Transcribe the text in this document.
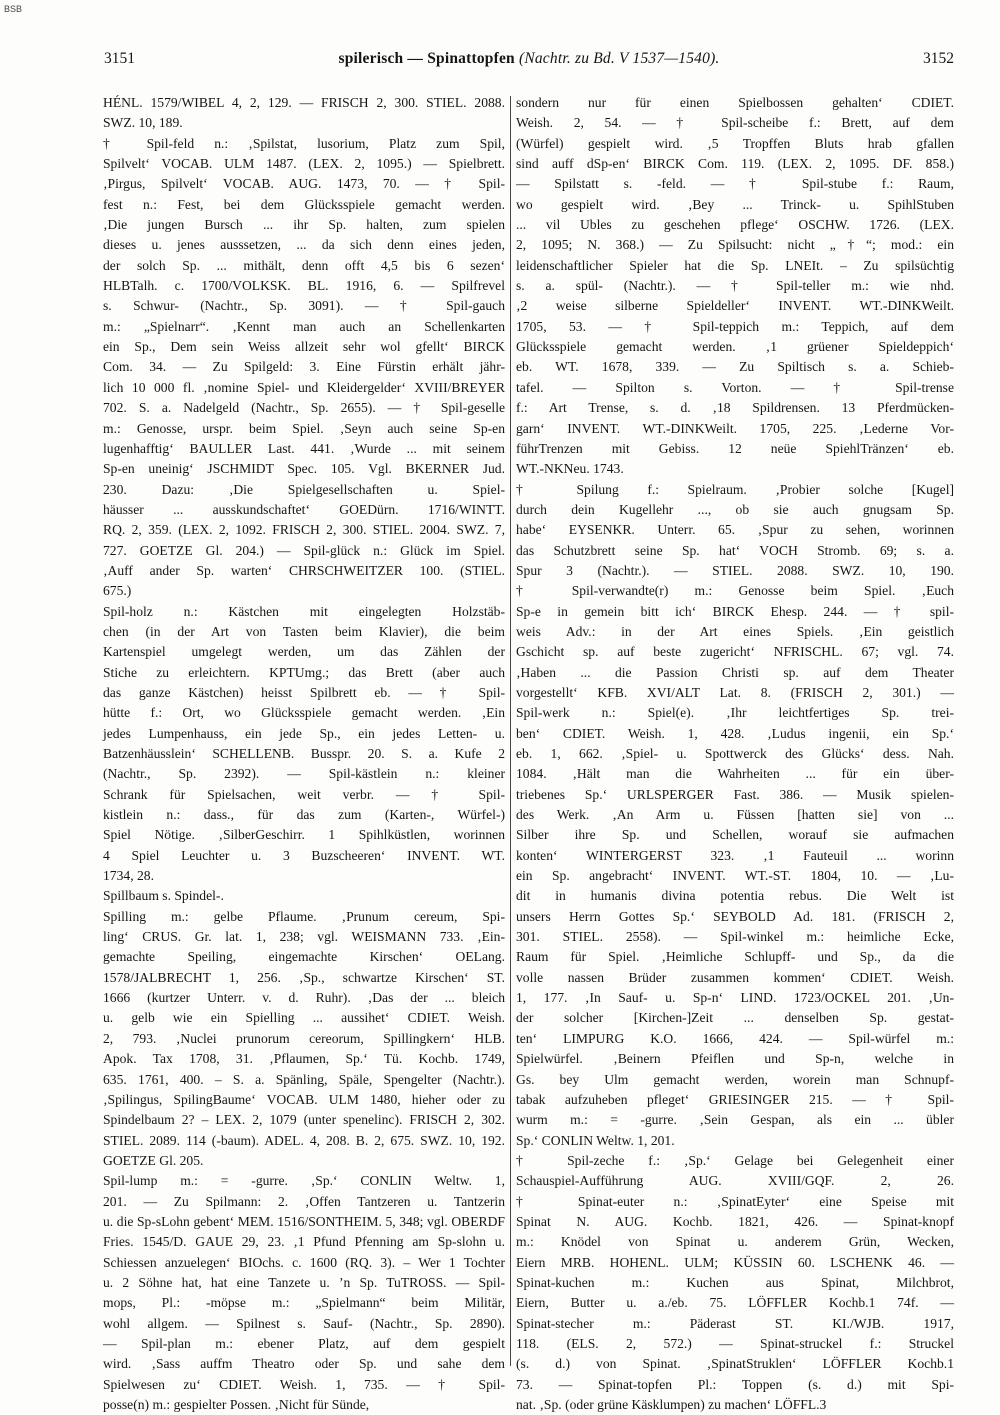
BSB
3151	spilerisch — Spinattopfen (Nachtr. zu Bd. V 1537—1540).	3152
HÉNL. 1579/WIBEL 4, 2, 129. — FRISCH 2, 300. STIEL. 2088.
SWZ. 10, 189.
† Spil-feld n.: ‚Spilstat, lusorium, Platz zum Spil,
Spilvelt‘ VOCAB. ULM 1487. (LEX. 2, 1095.) — Spielbrett.
‚Pirgus, Spilvelt‘ VOCAB. AUG. 1473, 70. — † Spil-
fest n.: Fest, bei dem Glücksspiele gemacht werden.
‚Die jungen Bursch ... ihr Sp. halten, zum spielen
dieses u. jenes ausssetzen, ... da sich denn eines jeden,
der solch Sp. ... mithält, denn offt 4,5 bis 6 sezen‘
HLBTalh. c. 1700/VOLKSK. BL. 1916, 6. — Spilfrevel
s. Schwur- (Nachtr., Sp. 3091). — † Spil-gauch
m.: „Spielnarr“. ‚Kennt man auch an Schellenkarten
ein Sp., Dem sein Weiss allzeit sehr wol gfellt‘ BIRCK
Com. 34. — Zu Spilgeld: 3. Eine Fürstin erhält jähr-
lich 10 000 fl. ‚nomine Spiel- und Kleidergelder‘ XVIII/BREYER
702. S. a. Nadelgeld (Nachtr., Sp. 2655). — † Spil-geselle
m.: Genosse, urspr. beim Spiel. ‚Seyn auch seine Sp-en
lugenhafftig‘ BAULLER Last. 441. ‚Wurde ... mit seinem
Sp-en uneinig‘ JSCHMIDT Spec. 105. Vgl. BKERNER Jud.
230. Dazu: ‚Die Spielgesellschaften u. Spiel-
häusser ... ausskundschaftet‘ GOEDürn. 1716/WINTT.
RQ. 2, 359. (LEX. 2, 1092. FRISCH 2, 300. STIEL. 2004. SWZ. 7,
727. GOETZE Gl. 204.) — Spil-glück n.: Glück im Spiel.
‚Auff ander Sp. warten‘ CHRSCHWEITZER 100. (STIEL.
675.)
Spil-holz n.: Kästchen mit eingelegten Holzstäb-
chen (in der Art von Tasten beim Klavier), die beim
Kartenspiel umgelegt werden, um das Zählen der
Stiche zu erleichtern. KPTUmg.; das Brett (aber auch
das ganze Kästchen) heisst Spilbrett eb. — † Spil-
hütte f.: Ort, wo Glücksspiele gemacht werden. ‚Ein
jedes Lumpenhauss, ein jede Sp., ein jedes Letten- u.
Batzenhäusslein‘ SCHELLENB. Busspr. 20. S. a. Kufe 2
(Nachtr., Sp. 2392). — Spil-kästlein n.: kleiner
Schrank für Spielsachen, weit verbr. — † Spil-
kistlein n.: dass., für das zum (Karten-, Würfel-)
Spiel Nötige. ‚SilberGeschirr. 1 Spihlküstlen, worinnen
4 Spiel Leuchter u. 3 Buzscheeren‘ INVENT. WT.
1734, 28.
Spillbaum s. Spindel-.
Spilling m.: gelbe Pflaume. ‚Prunum cereum, Spi-
ling‘ CRUS. Gr. lat. 1, 238; vgl. WEISMANN 733. ‚Ein-
gemachte Speiling, eingemachte Kirschen‘ OELang.
1578/JALBRECHT 1, 256. ‚Sp., schwartze Kirschen‘ ST.
1666 (kurtzer Unterr. v. d. Ruhr). ‚Das der ... bleich
u. gelb wie ein Spielling ... aussihet‘ CDIET. Weish.
2, 793. ‚Nuclei prunorum cereorum, Spillingkern‘ HLB.
Apok. Tax 1708, 31. ‚Pflaumen, Sp.‘ Tü. Kochb. 1749,
635. 1761, 400. – S. a. Spänling, Späle, Spengelter (Nachtr.).
‚Spilingus, SpilingBaume‘ VOCAB. ULM 1480, hieher oder zu
Spindelbaum 2? – LEX. 2, 1079 (unter spenelinc). FRISCH 2, 302.
STIEL. 2089. 114 (-baum). ADEL. 4, 208. B. 2, 675. SWZ. 10, 192.
GOETZE Gl. 205.
Spil-lump m.: = -gurre. ‚Sp.‘ CONLIN Weltw. 1,
201. — Zu Spilmann: 2. ‚Offen Tantzeren u. Tantzerin
u. die Sp-sLohn gebent‘ MEM. 1516/SONTHEIM. 5, 348; vgl. OBERDF
Fries. 1545/D. GAUE 29, 23. ‚1 Pfund Pfenning am Sp-slohn u.
Schiessen anzuelegen‘ BIOchs. c. 1600 (RQ. 3). – Wer 1 Tochter
u. 2 Söhne hat, hat eine Tanzete u. ’n Sp. TuTROSS. — Spil-
mops, Pl.: -möpse m.: „Spielmann“ beim Militär,
wohl allgem. — Spilnest s. Sauf- (Nachtr., Sp. 2890).
— Spil-plan m.: ebener Platz, auf dem gespielt
wird. ‚Sass auffm Theatro oder Sp. und sahe dem
Spielwesen zu‘ CDIET. Weish. 1, 735. — † Spil-
posse(n) m.: gespielter Possen. ‚Nicht für Sünde,
sondern nur für einen Spielbossen gehalten‘ CDIET.
Weish. 2, 54. — † Spil-scheibe f.: Brett, auf dem
(Würfel) gespielt wird. ‚5 Tropffen Bluts hrab gfallen
sind auff dSp-en‘ BIRCK Com. 119. (LEX. 2, 1095. DF. 858.)
— Spilstatt s. -feld. — † Spil-stube f.: Raum,
wo gespielt wird. ‚Bey ... Trinck- u. SpihlStuben
... vil Ubles zu geschehen pflege‘ OSCHW. 1726. (LEX.
2, 1095; N. 368.) — Zu Spilsucht: nicht „†“; mod.: ein
leidenschaftlicher Spieler hat die Sp. LNEIt. – Zu spilsüchtig
s. a. spül- (Nachtr.). — † Spil-teller m.: wie nhd.
‚2 weise silberne Spieldeller‘ INVENT. WT.-DINKWeilt.
1705, 53. — † Spil-teppich m.: Teppich, auf dem
Glücksspiele gemacht werden. ‚1 grüener Spieldeppich‘
eb. WT. 1678, 339. — Zu Spiltisch s. a. Schieb-
tafel. — Spilton s. Vorton. — † Spil-trense
f.: Art Trense, s. d. ‚18 Spildrensen. 13 Pferdmücken-
garn‘ INVENT. WT.-DINKWeilt. 1705, 225. ‚Lederne Vor-
führTrenzen mit Gebiss. 12 neüe SpiehlTränzen‘ eb.
WT.-NKNeu. 1743.
† Spilung f.: Spielraum. ‚Probier solche [Kugel]
durch dein Kugellehr ..., ob sie auch gnugsam Sp.
habe‘ EYSENKR. Unterr. 65. ‚Spur zu sehen, worinnen
das Schutzbrett seine Sp. hat‘ VOCH Stromb. 69; s. a.
Spur 3 (Nachtr.). — STIEL. 2088. SWZ. 10, 190.
† Spil-verwandte(r) m.: Genosse beim Spiel. ‚Euch
Sp-e in gemein bitt ich‘ BIRCK Ehesp. 244. — † spil-
weis Adv.: in der Art eines Spiels. ‚Ein geistlich
Gschicht sp. auf beste zugericht‘ NFRISCHL. 67; vgl. 74.
‚Haben ... die Passion Christi sp. auf dem Theater
vorgestellt‘ KFB. XVI/ALT Lat. 8. (FRISCH 2, 301.) —
Spil-werk n.: Spiel(e). ‚Ihr leichtfertiges Sp. trei-
ben‘ CDIET. Weish. 1, 428. ‚Ludus ingenii, ein Sp.‘
eb. 1, 662. ‚Spiel- u. Spottwerck des Glücks‘ dess. Nah.
1084. ‚Hält man die Wahrheiten ... für ein über-
triebenes Sp.‘ URLSPERGER Fast. 386. — Musik spielen-
des Werk. ‚An Arm u. Füssen [hatten sie] von ...
Silber ihre Sp. und Schellen, worauf sie aufmachen
konten‘ WINTERGERST 323. ‚1 Fauteuil ... worinn
ein Sp. angebracht‘ INVENT. WT.-ST. 1804, 10. — ‚Lu-
dit in humanis divina potentia rebus. Die Welt ist
unsers Herrn Gottes Sp.‘ SEYBOLD Ad. 181. (FRISCH 2,
301. STIEL. 2558). — Spil-winkel m.: heimliche Ecke,
Raum für Spiel. ‚Heimliche Schlupff- und Sp., da die
volle nassen Brüder zusammen kommen‘ CDIET. Weish.
1, 177. ‚In Sauf- u. Sp-n‘ LIND. 1723/OCKEL 201. ‚Un-
der solcher [Kirchen-]Zeit ... denselben Sp. gestat-
ten‘ LIMPURG K.O. 1666, 424. — Spil-würfel m.:
Spielwürfel. ‚Beinern Pfeiflen und Sp-n, welche in
Gs. bey Ulm gemacht werden, worein man Schnupf-
tabak aufzuheben pfleget‘ GRIESINGER 215. — † Spil-
wurm m.: = -gurre. ‚Sein Gespan, als ein ... übler
Sp.‘ CONLIN Weltw. 1, 201.
† Spil-zeche f.: ‚Sp.‘ Gelage bei Gelegenheit einer
Schauspiel-Aufführung AUG. XVIII/GQF. 2, 26.
† Spinat-euter n.: ‚SpinatEyter‘ eine Speise mit
Spinat N. AUG. Kochb. 1821, 426. — Spinat-knopf
m.: Knödel von Spinat u. anderem Grün, Wecken,
Eiern MRB. HOHENL. ULM; KÜSSIN 60. LSCHENK 46. —
Spinat-kuchen m.: Kuchen aus Spinat, Milchbrot,
Eiern, Butter u. a./eb. 75. LÖFFLER Kochb.1 74f. —
Spinat-stecher m.: Päderast ST. KI./WJB. 1917,
118. (ELS. 2, 572.) — Spinat-struckel f.: Struckel
(s. d.) von Spinat. ‚SpinatStruklen‘ LÖFFLER Kochb.1
73. — Spinat-topfen Pl.: Toppen (s. d.) mit Spi-
nat. ‚Sp. (oder grüne Käsklumpen) zu machen‘ LÖFFL.3
